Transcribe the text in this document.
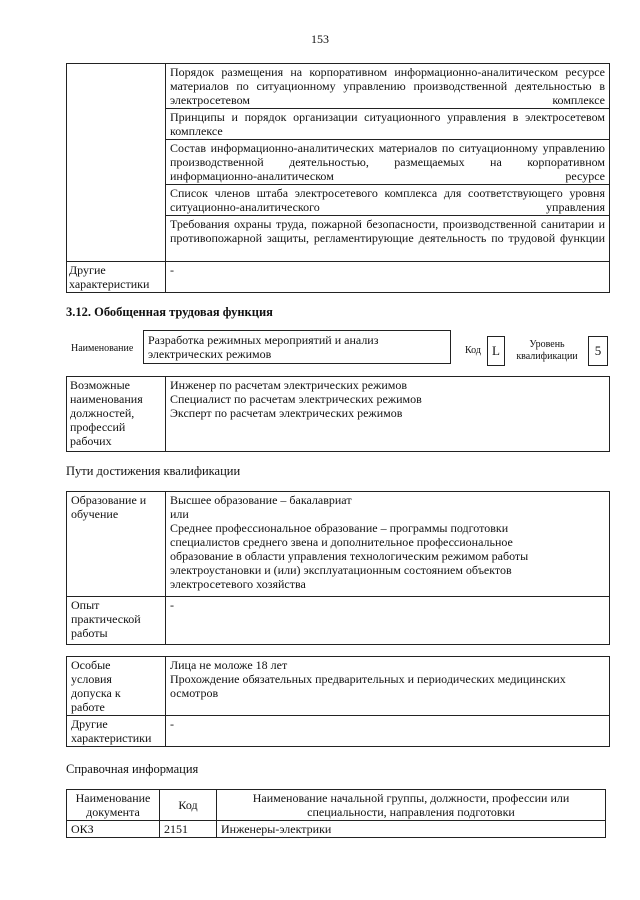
153
	Порядок размещения на корпоративном информационно-аналитическом ресурсе материалов по ситуационному управлению производственной деятельностью в электросетевом комплексе
	Принципы и порядок организации ситуационного управления в электросетевом комплексе
	Состав информационно-аналитических материалов по ситуационному управлению производственной деятельностью, размещаемых на корпоративном информационно-аналитическом ресурсе
	Список членов штаба электросетевого комплекса для соответствующего уровня ситуационно-аналитического управления
	Требования охраны труда, пожарной безопасности, производственной санитарии и противопожарной защиты, регламентирующие деятельность по трудовой функции

Другие
характеристики	-
3.12. Обобщенная трудовая функция
Наименование
Разработка режимных мероприятий и анализ электрических режимов	Код L	Уровень
квалификации	5
Возможные
наименования
должностей,
профессий
рабочих

Инженер по расчетам электрических режимов
Специалист по расчетам электрических режимов
Эксперт по расчетам электрических режимов
Пути достижения квалификации
Образование и обучение	Высшее образование – бакалавриат
или
Среднее профессиональное образование – программы подготовки специалистов среднего звена и дополнительное профессиональное образование в области управления технологическим режимом работы электроустановки и (или) эксплуатационным состоянием объектов электросетевого хозяйства

Опыт практической работы	-
Особые условия допуска к работе	Лица не моложе 18 лет
Прохождение обязательных предварительных и периодических медицинских осмотров

Другие характеристики	-
Справочная информация
Наименование документа	Код	Наименование начальной группы, должности, профессии или специальности, направления подготовки
ОКЗ	2151	Инженеры-электрики
